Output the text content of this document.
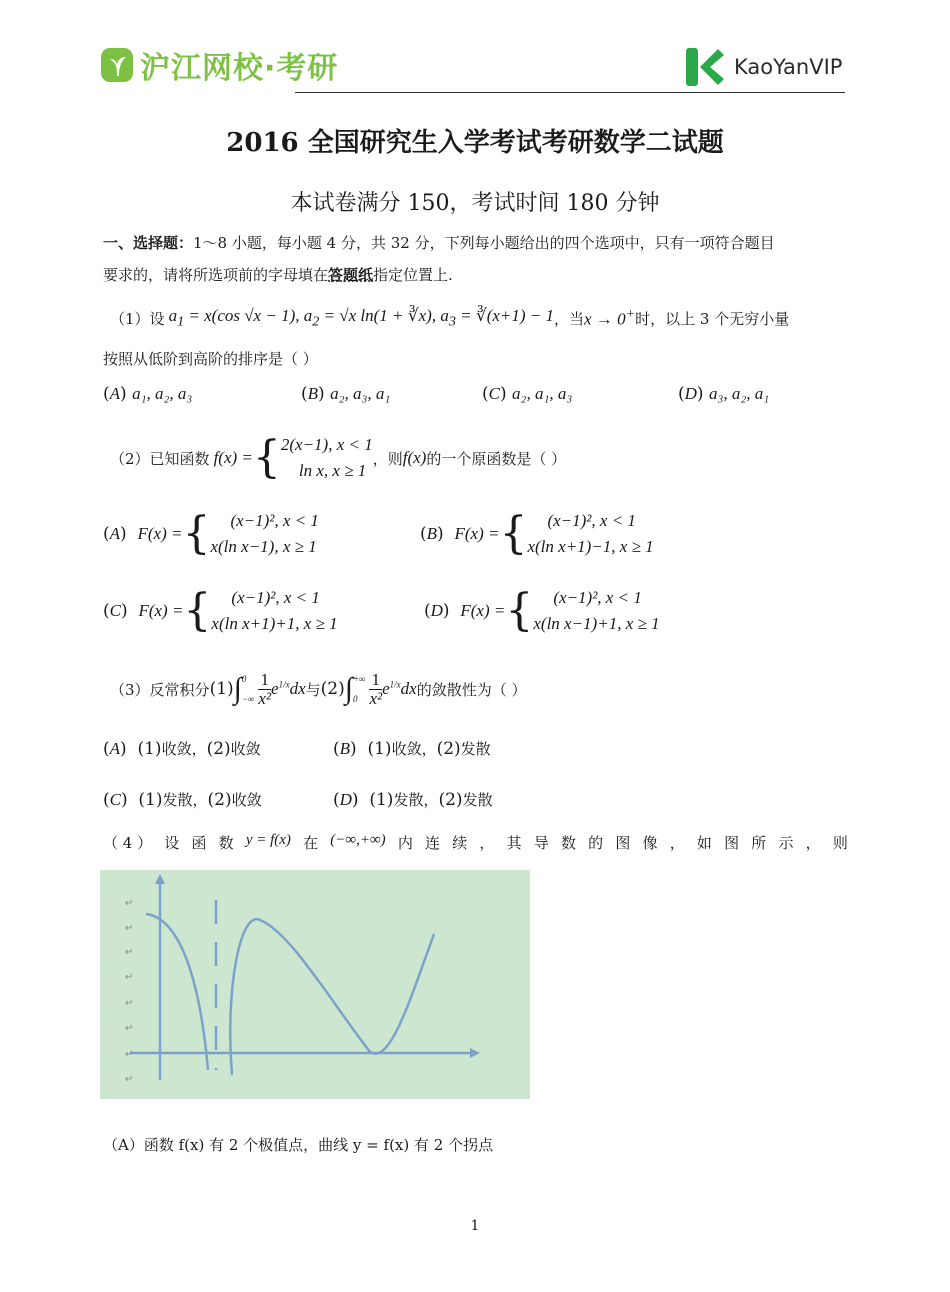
沪江网校·考研	KaoYanVIP
2016 全国研究生入学考试考研数学二试题
本试卷满分 150，考试时间 180 分钟
一、选择题：1～8 小题，每小题 4 分，共 32 分，下列每小题给出的四个选项中，只有一项符合题目
要求的，请将所选项前的字母填在答题纸指定位置上.
（1） 设 $a_1 = x(\cos$ √x − 1), $a_2 = √x$ ln(1 + ∛x), $a_3$ = ∛(x+1) − 1 ，当 x → 0+ 时，以上 3 个无穷小量
按照从低阶到高阶的排序是（ ）
(A) a₁, a₂, a₃	(B) a₂, a₃, a₁	(C) a₂, a₁, a₃	(D) a₃, a₂, a₁
（2） 已知函数 f(x) = { 2(x−1), x < 1
ln x, x ≥ 1
，则 f(x) 的一个原函数是（ ）
(A)  F(x) = { (x−1)², x < 1
x(ln x−1), x ≥ 1
(B)  F(x) = { (x−1)², x < 1
x(ln x+1)−1, x ≥ 1
(C)  F(x) = { (x−1)², x < 1
x(ln x+1)+1, x ≥ 1
(D)  F(x) = { (x−1)², x < 1
x(ln x−1)+1, x ≥ 1
（3） 反常积分 (1) ∫ 0
−∞
1
x² $e^{1/x}dx$ 与 (2) ∫ +∞
0
1
x² $e^{1/x}dx$ 的敛散性为（ ）
(A)  (1)收敛，(2)收敛	(B)  (1)收敛，(2)发散
(C)  (1)发散，(2)收敛	(D)  (1)发散，(2)发散
（ 4 ） 设 函 数 y = f(x) 在 (−∞,+∞) 内 连 续 ， 其 导 数 的 图 像 ， 如 图 所 示 ， 则
↵
↵
↵
↵
↵
↵
↵
↵
（A）函数 f(x) 有 2 个极值点，曲线 y = f(x) 有 2 个拐点
1
